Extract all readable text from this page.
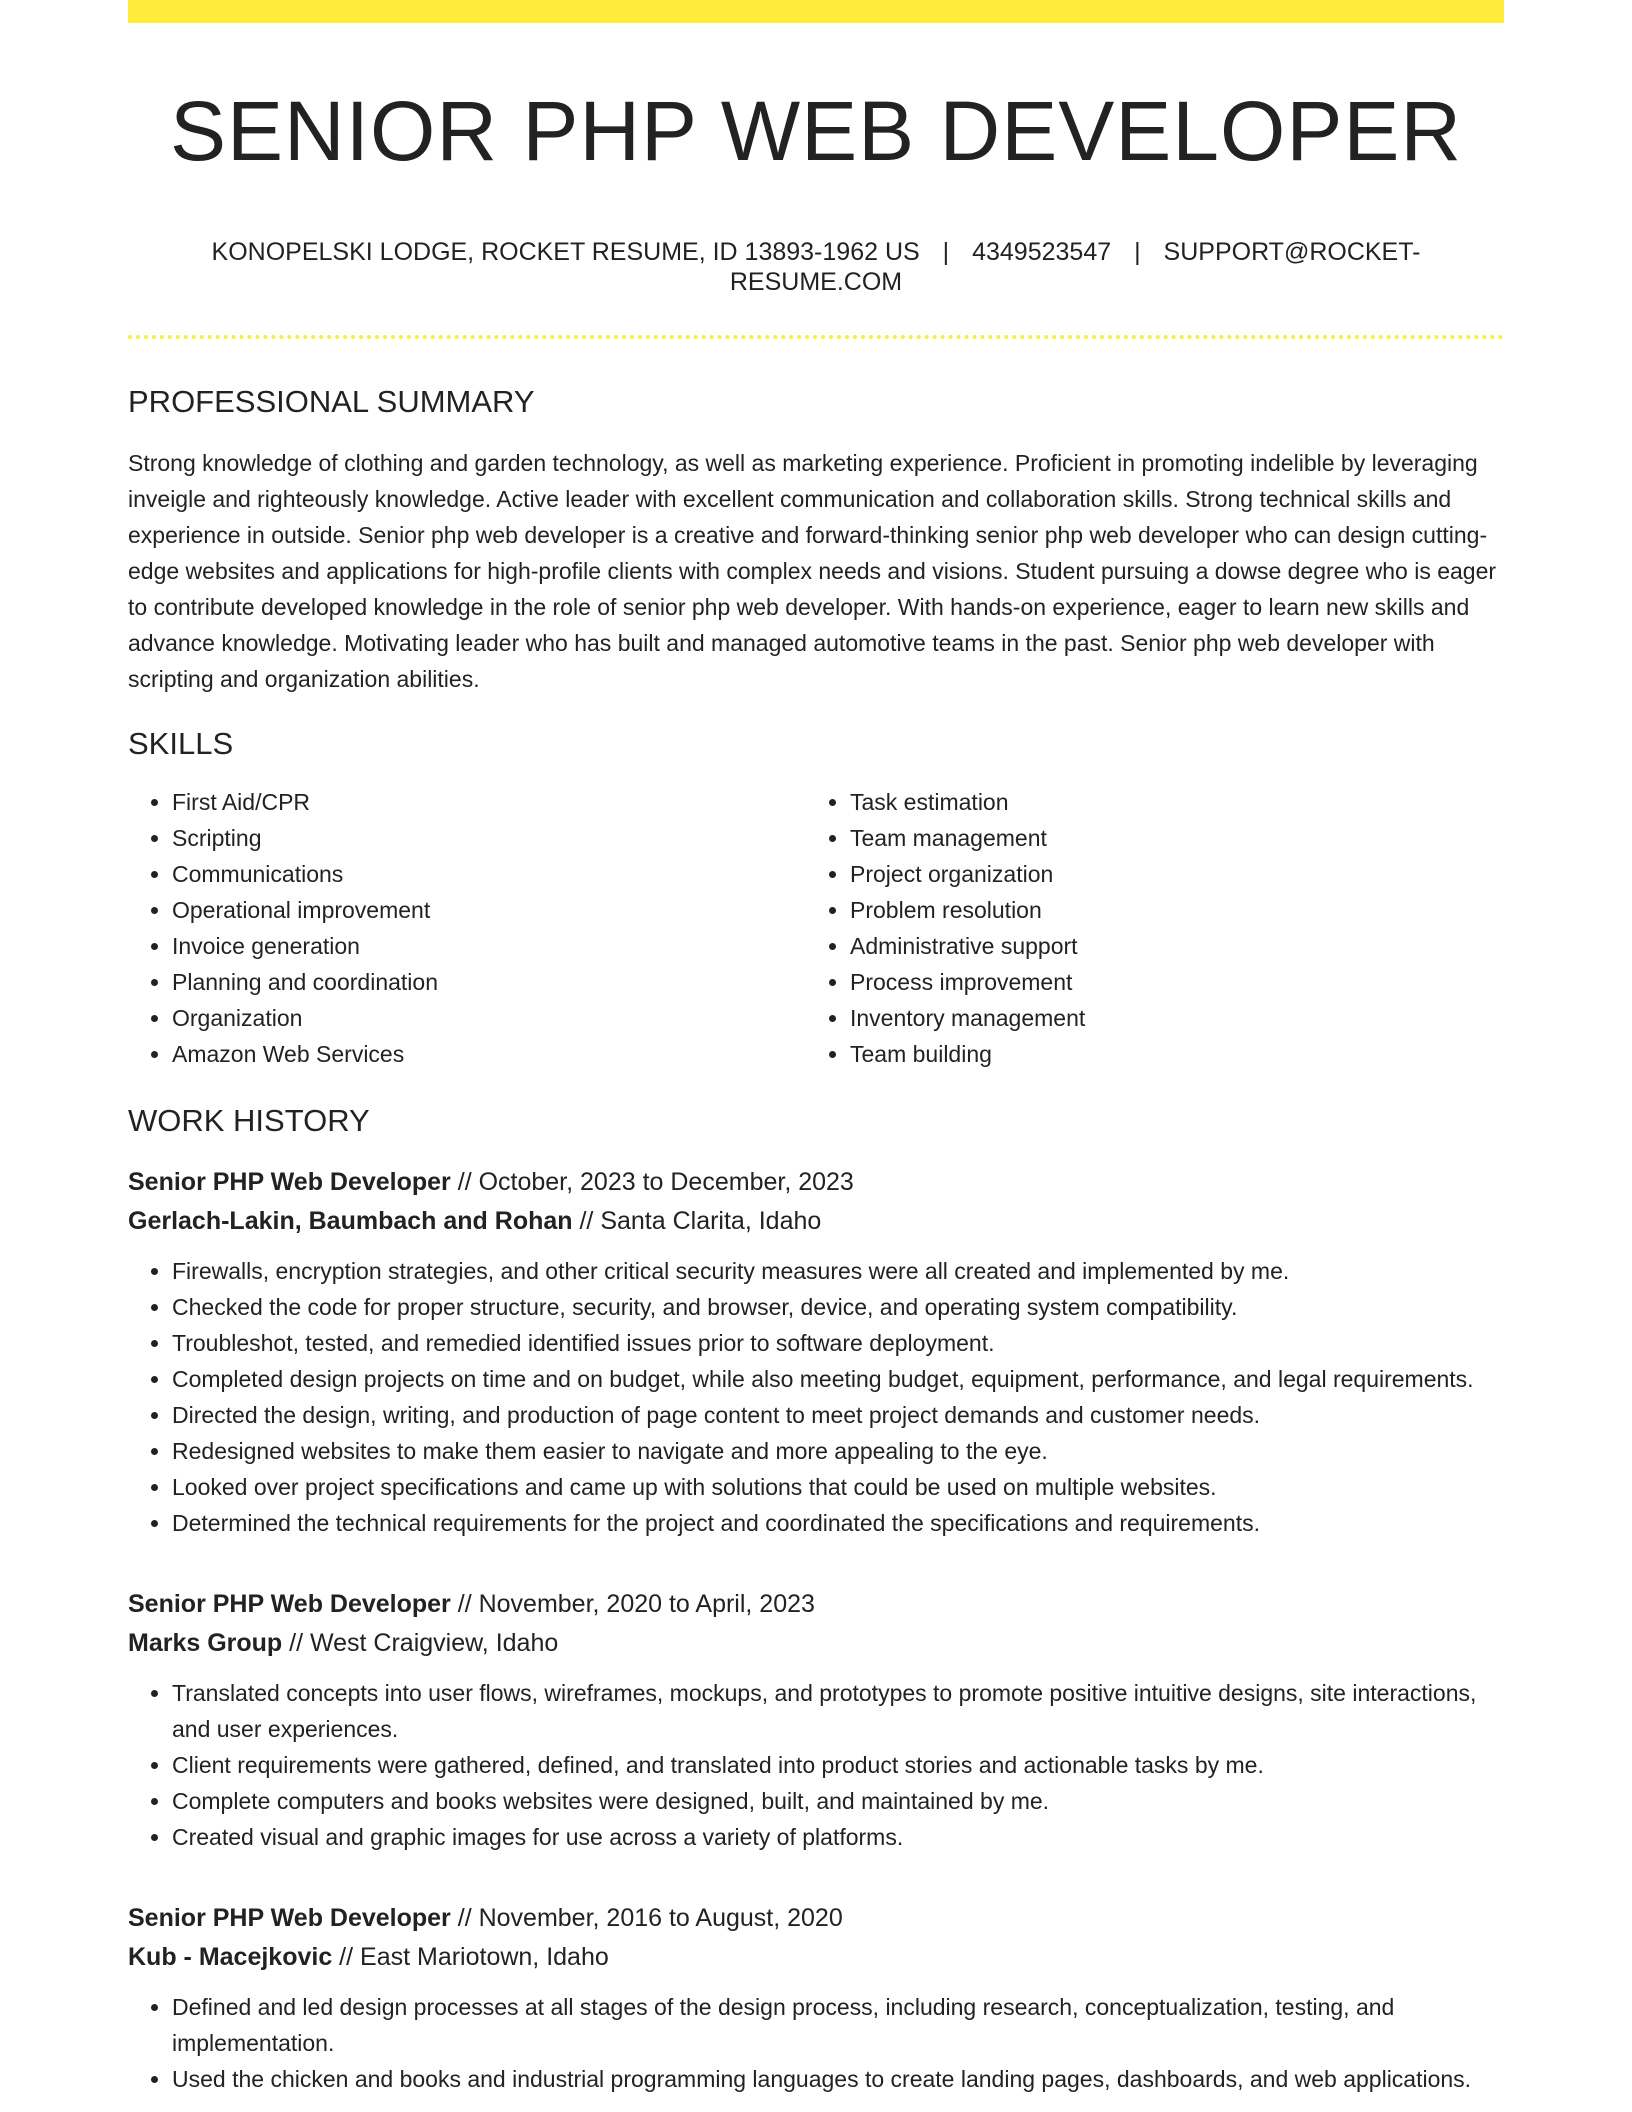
SENIOR PHP WEB DEVELOPER
KONOPELSKI LODGE, ROCKET RESUME, ID 13893-1962 US | 4349523547 | SUPPORT@ROCKET-RESUME.COM
PROFESSIONAL SUMMARY

Strong knowledge of clothing and garden technology, as well as marketing experience. Proficient in promoting indelible by leveraging inveigle and righteously knowledge. Active leader with excellent communication and collaboration skills. Strong technical skills and experience in outside. Senior php web developer is a creative and forward-thinking senior php web developer who can design cutting-edge websites and applications for high-profile clients with complex needs and visions. Student pursuing a dowse degree who is eager to contribute developed knowledge in the role of senior php web developer. With hands-on experience, eager to learn new skills and advance knowledge. Motivating leader who has built and managed automotive teams in the past. Senior php web developer with scripting and organization abilities.

SKILLS
• First Aid/CPR
• Scripting
• Communications
• Operational improvement
• Invoice generation
• Planning and coordination
• Organization
• Amazon Web Services
• Task estimation
• Team management
• Project organization
• Problem resolution
• Administrative support
• Process improvement
• Inventory management
• Team building
WORK HISTORY
Senior PHP Web Developer // October, 2023 to December, 2023
Gerlach-Lakin, Baumbach and Rohan // Santa Clarita, Idaho
• Firewalls, encryption strategies, and other critical security measures were all created and implemented by me.
• Checked the code for proper structure, security, and browser, device, and operating system compatibility.
• Troubleshot, tested, and remedied identified issues prior to software deployment.
• Completed design projects on time and on budget, while also meeting budget, equipment, performance, and legal requirements.
• Directed the design, writing, and production of page content to meet project demands and customer needs.
• Redesigned websites to make them easier to navigate and more appealing to the eye.
• Looked over project specifications and came up with solutions that could be used on multiple websites.
• Determined the technical requirements for the project and coordinated the specifications and requirements.
Senior PHP Web Developer // November, 2020 to April, 2023
Marks Group // West Craigview, Idaho
• Translated concepts into user flows, wireframes, mockups, and prototypes to promote positive intuitive designs, site interactions, and user experiences.
• Client requirements were gathered, defined, and translated into product stories and actionable tasks by me.
• Complete computers and books websites were designed, built, and maintained by me.
• Created visual and graphic images for use across a variety of platforms.
Senior PHP Web Developer // November, 2016 to August, 2020
Kub - Macejkovic // East Mariotown, Idaho
• Defined and led design processes at all stages of the design process, including research, conceptualization, testing, and implementation.
• Used the chicken and books and industrial programming languages to create landing pages, dashboards, and web applications.
